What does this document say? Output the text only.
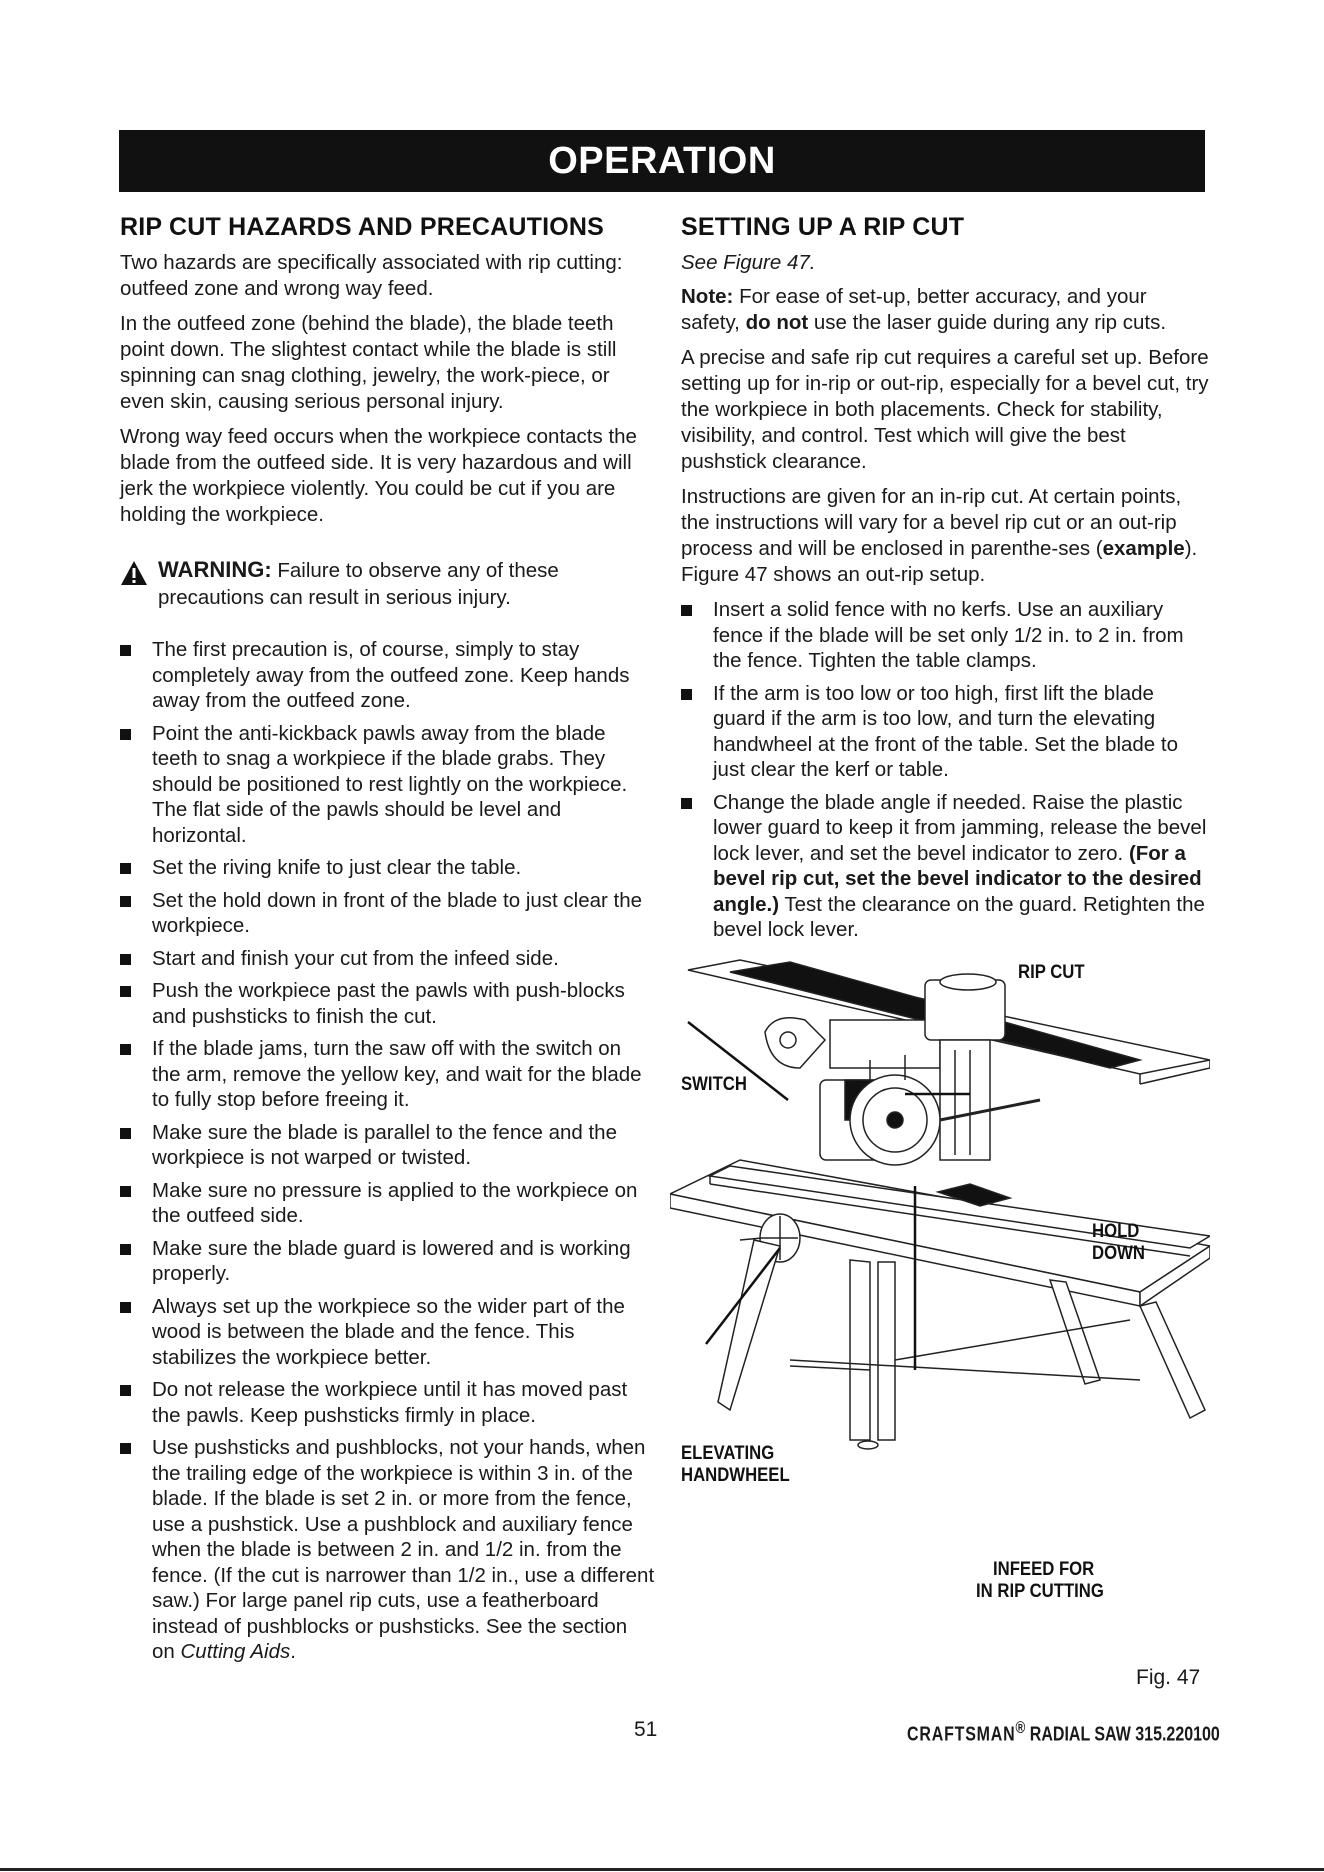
OPERATION
RIP CUT HAZARDS AND PRECAUTIONS

Two hazards are specifically associated with rip cutting: outfeed zone and wrong way feed.

In the outfeed zone (behind the blade), the blade teeth point down. The slightest contact while the blade is still spinning can snag clothing, jewelry, the work-piece, or even skin, causing serious personal injury.

Wrong way feed occurs when the workpiece contacts the blade from the outfeed side. It is very hazardous and will jerk the workpiece violently. You could be cut if you are holding the workpiece.

WARNING: Failure to observe any of these precautions can result in serious injury.
The first precaution is, of course, simply to stay completely away from the outfeed zone. Keep hands away from the outfeed zone.
Point the anti-kickback pawls away from the blade teeth to snag a workpiece if the blade grabs. They should be positioned to rest lightly on the workpiece. The flat side of the pawls should be level and horizontal.
Set the riving knife to just clear the table.
Set the hold down in front of the blade to just clear the workpiece.
Start and finish your cut from the infeed side.
Push the workpiece past the pawls with push-blocks and pushsticks to finish the cut.
If the blade jams, turn the saw off with the switch on the arm, remove the yellow key, and wait for the blade to fully stop before freeing it.
Make sure the blade is parallel to the fence and the workpiece is not warped or twisted.
Make sure no pressure is applied to the workpiece on the outfeed side.
Make sure the blade guard is lowered and is working properly.
Always set up the workpiece so the wider part of the wood is between the blade and the fence. This stabilizes the workpiece better.
Do not release the workpiece until it has moved past the pawls. Keep pushsticks firmly in place.
Use pushsticks and pushblocks, not your hands, when the trailing edge of the workpiece is within 3 in. of the blade. If the blade is set 2 in. or more from the fence, use a pushstick. Use a pushblock and auxiliary fence when the blade is between 2 in. and 1/2 in. from the fence. (If the cut is narrower than 1/2 in., use a different saw.) For large panel rip cuts, use a featherboard instead of pushblocks or pushsticks. See the section on Cutting Aids.
SETTING UP A RIP CUT

See Figure 47.

Note: For ease of set-up, better accuracy, and your safety, do not use the laser guide during any rip cuts.

A precise and safe rip cut requires a careful set up. Before setting up for in-rip or out-rip, especially for a bevel cut, try the workpiece in both placements. Check for stability, visibility, and control. Test which will give the best pushstick clearance.

Instructions are given for an in-rip cut. At certain points, the instructions will vary for a bevel rip cut or an out-rip process and will be enclosed in parenthe-ses (example). Figure 47 shows an out-rip setup.

Insert a solid fence with no kerfs. Use an auxiliary fence if the blade will be set only 1/2 in. to 2 in. from the fence. Tighten the table clamps.
If the arm is too low or too high, first lift the blade guard if the arm is too low, and turn the elevating handwheel at the front of the table. Set the blade to just clear the kerf or table.
Change the blade angle if needed. Raise the plastic lower guard to keep it from jamming, release the bevel lock lever, and set the bevel indicator to zero. (For a bevel rip cut, set the bevel indicator to the desired angle.) Test the clearance on the guard. Retighten the bevel lock lever.
RIP CUT
SWITCH
HOLD DOWN
ELEVATING
HANDWHEEL
INFEED FOR
IN RIP CUTTING
Fig. 47
51	CRAFTSMAN® RADIAL SAW 315.220100
